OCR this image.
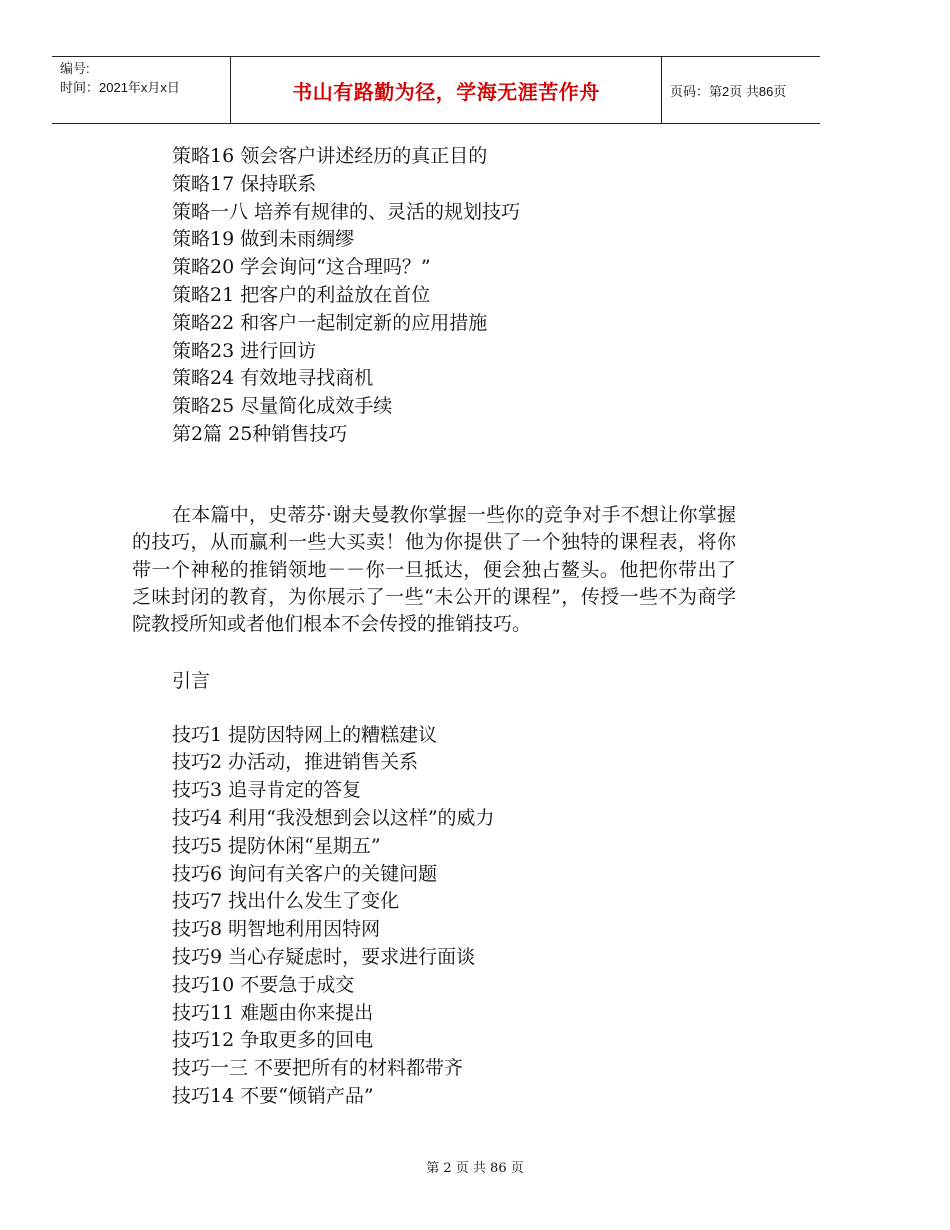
编号:
时间：2021年x月x日	书山有路勤为径，学海无涯苦作舟	页码：第2页 共86页
策略16 领会客户讲述经历的真正目的
策略17 保持联系
策略一八 培养有规律的、灵活的规划技巧
策略19 做到未雨绸缪
策略20 学会询问“这合理吗？”
策略21 把客户的利益放在首位
策略22 和客户一起制定新的应用措施
策略23 进行回访
策略24 有效地寻找商机
策略25 尽量简化成效手续
第2篇 25种销售技巧

在本篇中，史蒂芬·谢夫曼教你掌握一些你的竞争对手不想让你掌握的技巧，从而赢利一些大买卖！他为你提供了一个独特的课程表，将你带一个神秘的推销领地－－你一旦抵达，便会独占鳌头。他把你带出了乏味封闭的教育，为你展示了一些“未公开的课程”，传授一些不为商学院教授所知或者他们根本不会传授的推销技巧。

引言
技巧1 提防因特网上的糟糕建议
技巧2 办活动，推进销售关系
技巧3 追寻肯定的答复
技巧4 利用“我没想到会以这样”的威力
技巧5 提防休闲“星期五”
技巧6 询问有关客户的关键问题
技巧7 找出什么发生了变化
技巧8 明智地利用因特网
技巧9 当心存疑虑时，要求进行面谈
技巧10 不要急于成交
技巧11 难题由你来提出
技巧12 争取更多的回电
技巧一三 不要把所有的材料都带齐
技巧14 不要“倾销产品”
第 2 页 共 86 页
